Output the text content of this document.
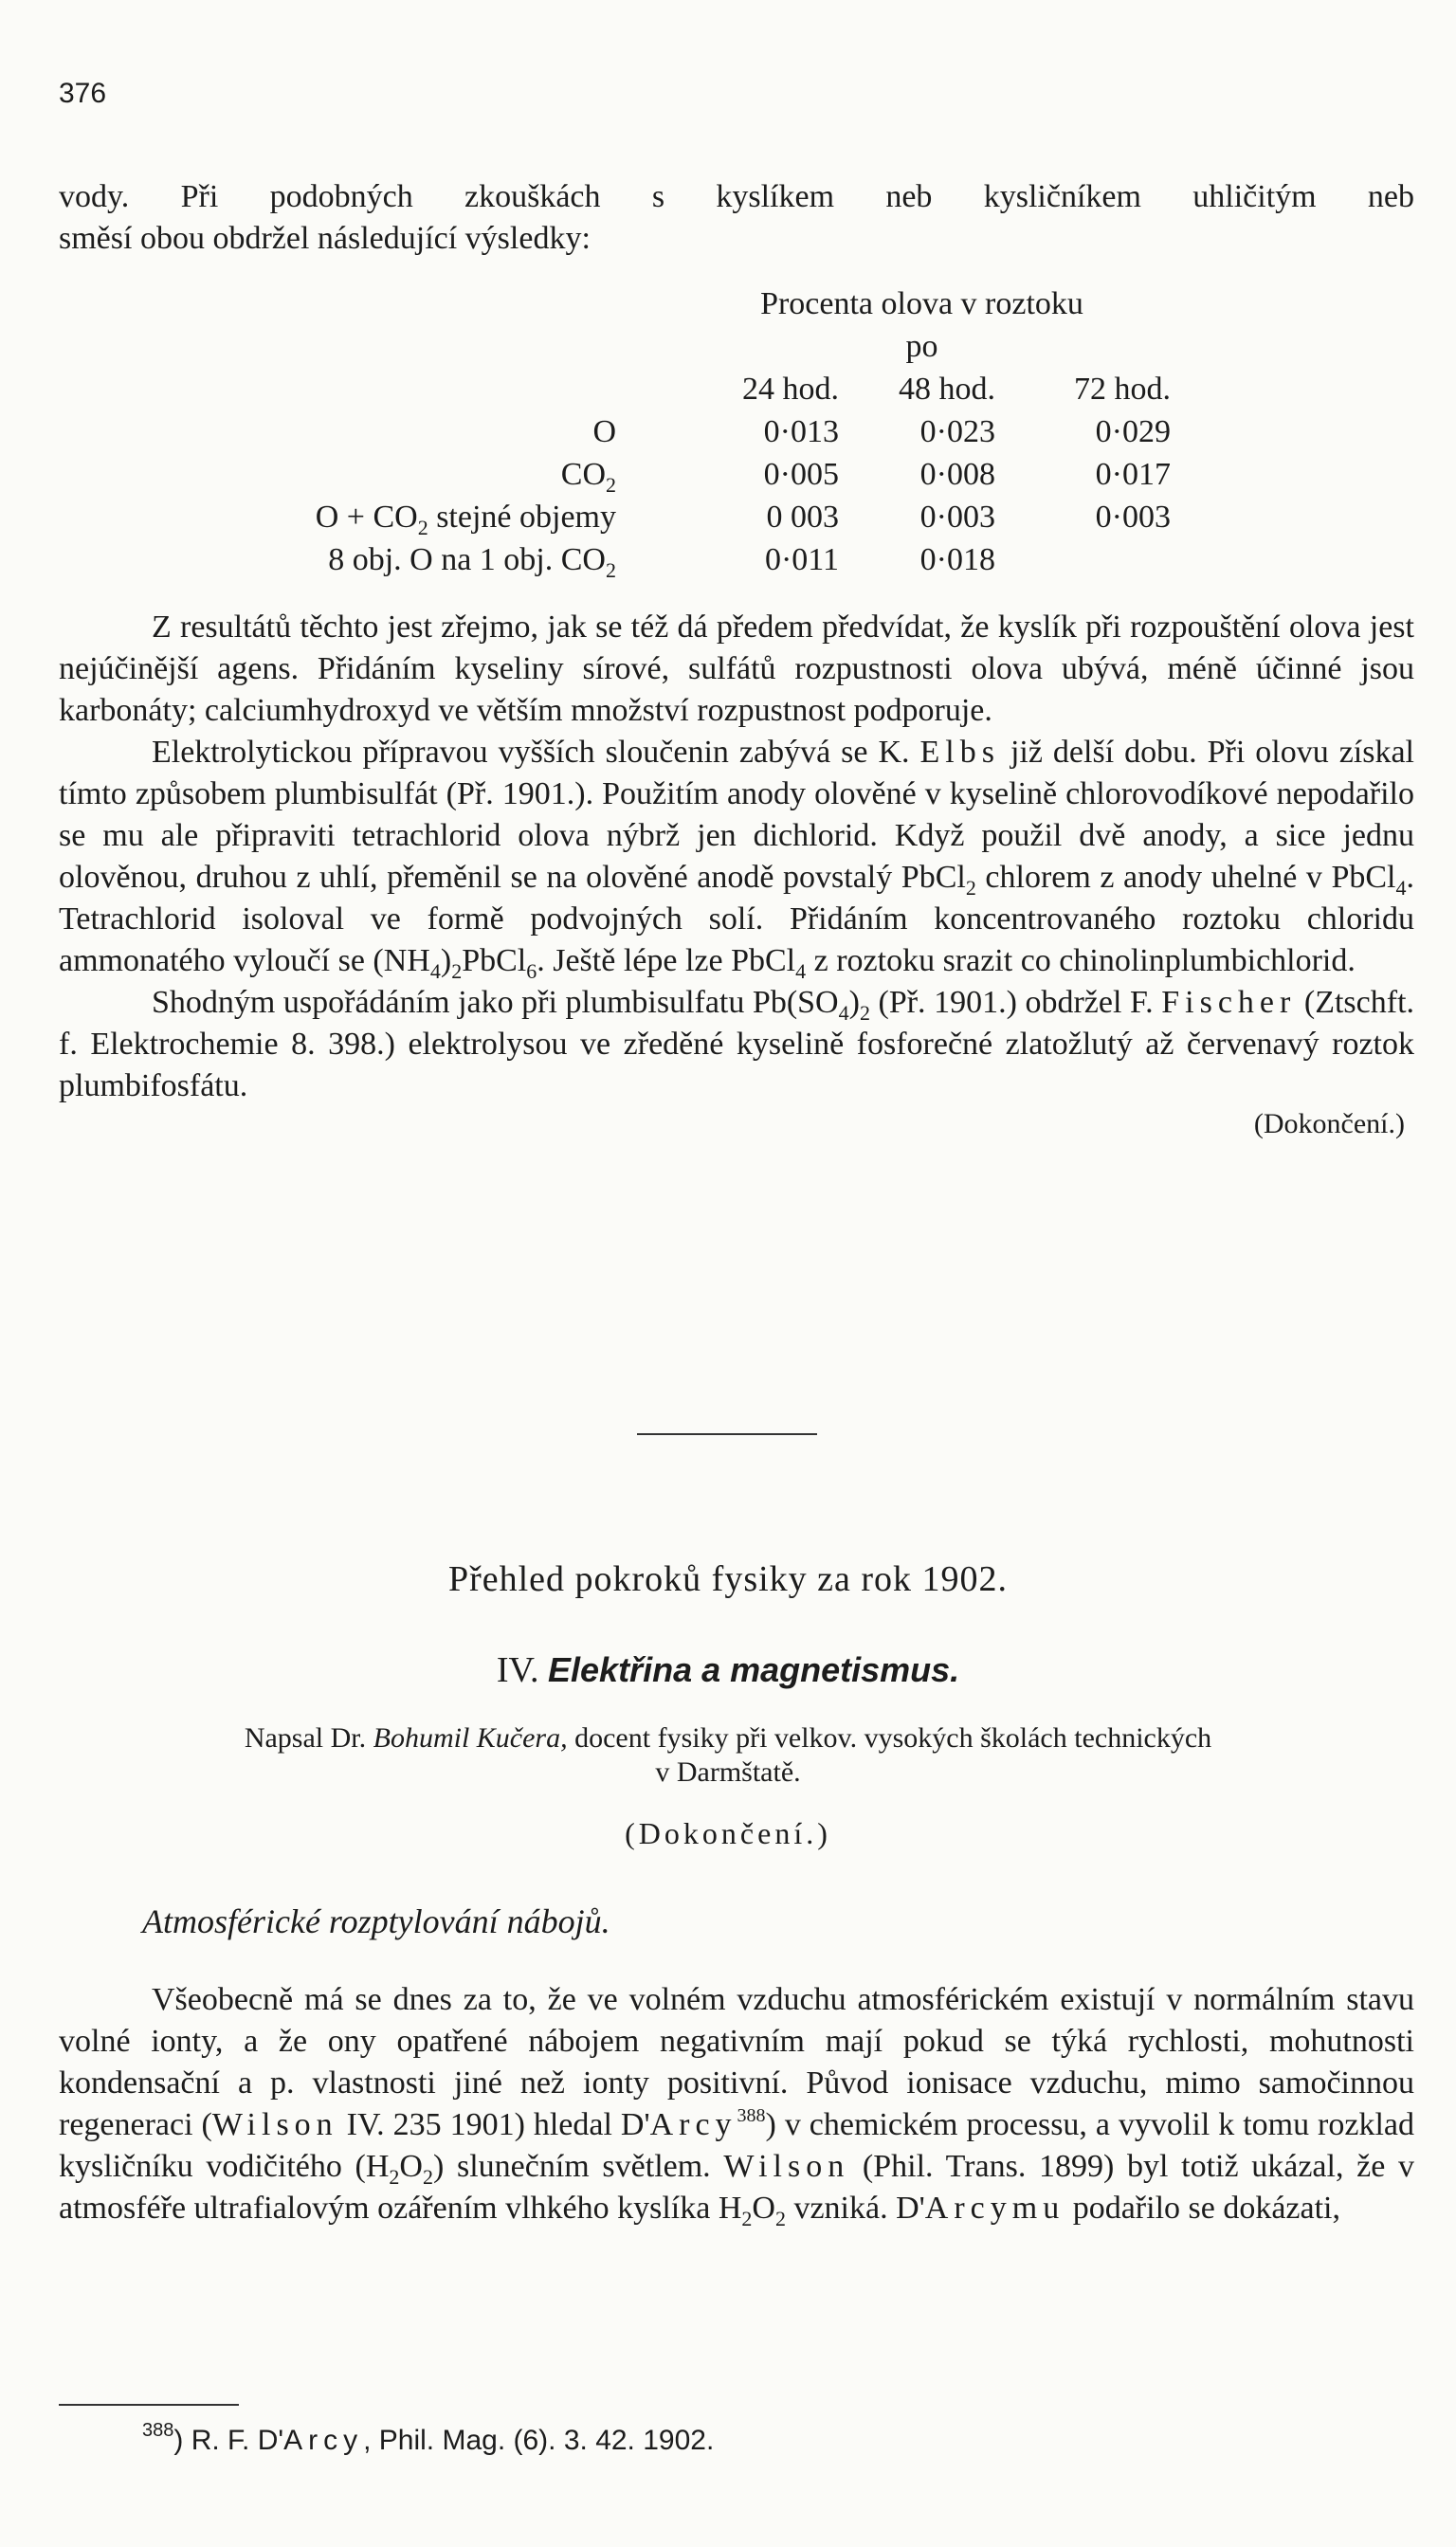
376

vody. Při podobných zkouškách s kyslíkem neb kysličníkem uhličitým neb

směsí obou obdržel následující výsledky:

	Procenta olova v roztoku		
	po		
	24 hod.	48 hod.	72 hod.
O	0·013	0·023	0·029
$CO_2$	0·005	0·008	0·017
$O + CO_2$ stejné objemy	0 003	0·003	0·003
8 obj. O na 1 obj. $CO_2$	0·011	0·018	

Z resultátů těchto jest zřejmo, jak se též dá předem předvídat, že kyslík při rozpouštění olova jest nejúčinější agens. Přidáním kyseliny sírové, sulfátů rozpustnosti olova ubývá, méně účinné jsou karbonáty; calciumhydroxyd ve větším množství rozpustnost podporuje.

Elektrolytickou přípravou vyšších sloučenin zabývá se K. Elbs již delší dobu. Při olovu získal tímto způsobem plumbisulfát (Př. 1901.). Použitím anody olověné v kyselině chlorovodíkové nepodařilo se mu ale připraviti tetrachlorid olova nýbrž jen dichlorid. Když použil dvě anody, a sice jednu olověnou, druhou z uhlí, přeměnil se na olověné anodě povstalý PbCl$_2$ chlorem z anody uhelné v PbCl$_4$. Tetrachlorid isoloval ve formě podvojných solí. Přidáním koncentrovaného roztoku chloridu ammonatého vyloučí se $(NH_4)_2PbCl_6$. Ještě lépe lze PbCl$_4$ z roztoku srazit co chinolinplumbichlorid.

Shodným uspořádáním jako při plumbisulfatu $Pb(SO_4)_2$ (Př. 1901.) obdržel F. Fischer (Ztschft. f. Elektrochemie 8. 398.) elektrolysou ve zředěné kyselině fosforečné zlatožlutý až červenavý roztok plumbifosfátu.

(Dokončení.)

Přehled pokroků fysiky za rok 1902.
IV. Elektřina a magnetismus.
Napsal Dr. Bohumil Kučera, docent fysiky při velkov. vysokých školách technických
v Darmštatě.
(Dokončení.)
Atmosférické rozptylování nábojů.

Všeobecně má se dnes za to, že ve volném vzduchu atmosférickém existují v normálním stavu volné ionty, a že ony opatřené nábojem negativním mají pokud se týká rychlosti, mohutnosti kondensační a p. vlastnosti jiné než ionty positivní. Původ ionisace vzduchu, mimo samočinnou regeneraci (Wilson IV. 235 1901) hledal D'Arcy$^{388}$) v chemickém processu, a vyvolil k tomu rozklad kysličníku vodičitého $(H_2O_2)$ slunečním světlem. Wilson (Phil. Trans. 1899) byl totiž ukázal, že v atmosféře ultrafialovým ozářením vlhkého kyslíka $H_2O_2$ vzniká. D'Arcymu podařilo se dokázati,

$^{388}$) R. F. D'Arcy, Phil. Mag. (6). 3. 42. 1902.
